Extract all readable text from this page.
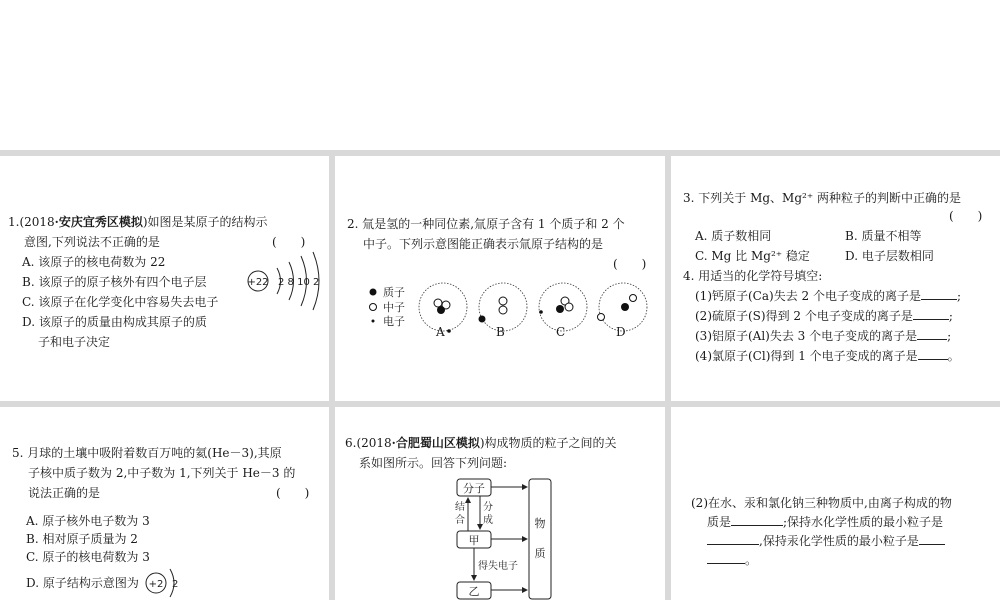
1.(2018·安庆宜秀区模拟)如图是某原子的结构示
意图,下列说法不正确的是	(　　)
A. 该原子的核电荷数为 22
B. 该原子的原子核外有四个电子层
C. 该原子在化学变化中容易失去电子
D. 该原子的质量由构成其原子的质
子和电子决定
+22 2 8 10 2
2. 氚是氢的一种同位素,氚原子含有 1 个质子和 2 个
中子。下列示意图能正确表示氚原子结构的是
(　　)
质子
中子
电子
A	B	C	D
3. 下列关于 Mg、Mg²⁺ 两种粒子的判断中正确的是
(　　)
A. 质子数相同	B. 质量不相等
C. Mg 比 Mg²⁺ 稳定	D. 电子层数相同
4. 用适当的化学符号填空:
(1)钙原子(Ca)失去 2 个电子变成的离子是	;
(2)硫原子(S)得到 2 个电子变成的离子是	;
(3)铝原子(Al)失去 3 个电子变成的离子是	;
(4)氯原子(Cl)得到 1 个电子变成的离子是	。
5. 月球的土壤中吸附着数百万吨的氦(He－3),其原
子核中质子数为 2,中子数为 1,下列关于 He－3 的
说法正确的是	(　　)
A. 原子核外电子数为 3
B. 相对原子质量为 2
C. 原子的核电荷数为 3
D. 原子结构示意图为 +2 2
6.(2018·合肥蜀山区模拟)构成物质的粒子之间的关
系如图所示。回答下列问题:
分子
甲
乙
物
质
结
合
分
成
得失电子
(2)在水、汞和氯化钠三种物质中,由离子构成的物
质是	;保持水化学性质的最小粒子是
,保持汞化学性质的最小粒子是
。
